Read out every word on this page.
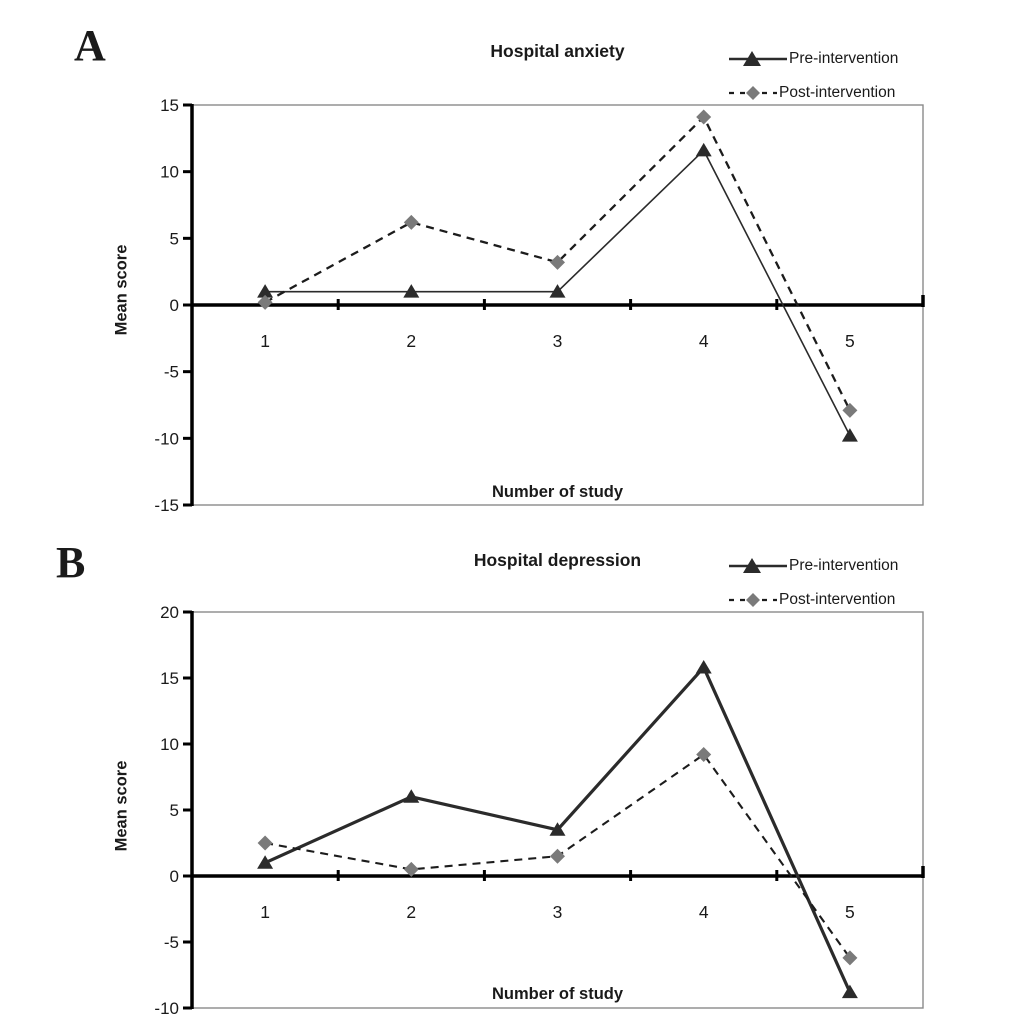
15
10
5
0
-5
-10
-15
1	2	3	4	5
20
15
10
5
0
-5
-10
1	2	3	4	5
A	Hospital anxiety	Pre-intervention
Post-intervention
Mean score
Number of study
B	Hospital depression	Pre-intervention
Post-intervention
Mean score
Number of study
